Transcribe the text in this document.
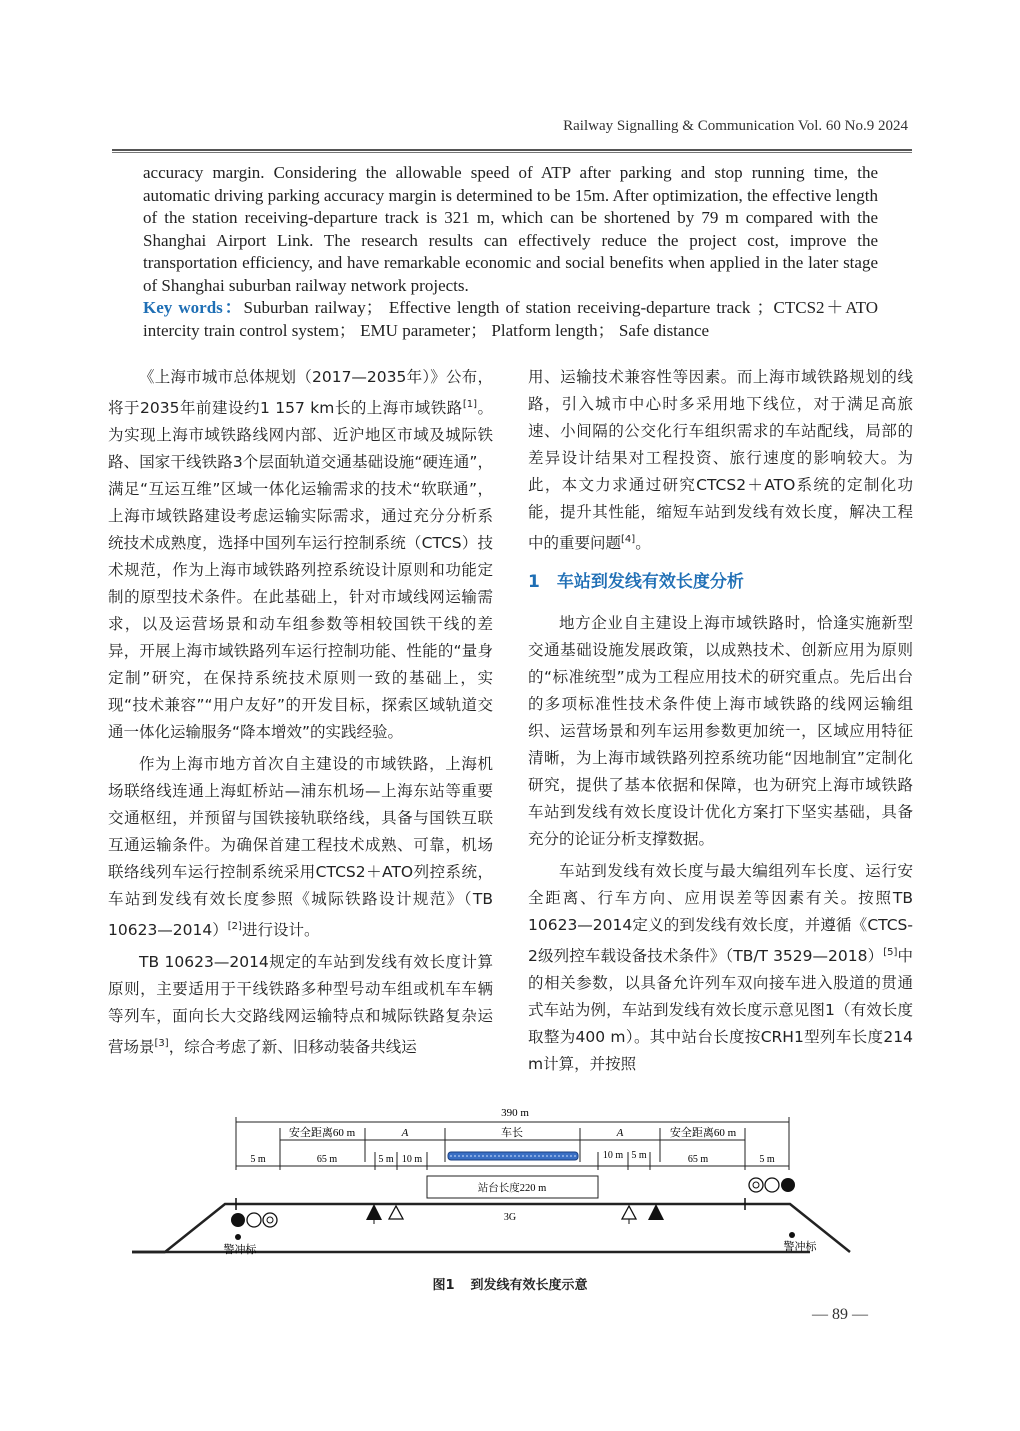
Railway Signalling & Communication Vol. 60 No.9 2024

accuracy margin. Considering the allowable speed of ATP after parking and stop running time, the automatic driving parking accuracy margin is determined to be 15m. After optimization, the effective length of the station receiving-departure track is 321 m, which can be shortened by 79 m compared with the Shanghai Airport Link. The research results can effectively reduce the project cost, improve the transportation efficiency, and have remarkable economic and social benefits when applied in the later stage of Shanghai suburban railway network projects.

Key words：Suburban railway； Effective length of station receiving-departure track ；CTCS2＋ATO intercity train control system； EMU parameter； Platform length； Safe distance

《上海市城市总体规划（2017—2035年）》公布，将于2035年前建设约1 157 km长的上海市域铁路[1]。为实现上海市域铁路线网内部、近沪地区市域及城际铁路、国家干线铁路3个层面轨道交通基础设施“硬连通”，满足“互运互维”区域一体化运输需求的技术“软联通”，上海市域铁路建设考虑运输实际需求，通过充分分析系统技术成熟度，选择中国列车运行控制系统（CTCS）技术规范，作为上海市域铁路列控系统设计原则和功能定制的原型技术条件。在此基础上，针对市域线网运输需求，以及运营场景和动车组参数等相较国铁干线的差异，开展上海市域铁路列车运行控制功能、性能的“量身定制”研究，在保持系统技术原则一致的基础上，实现“技术兼容”“用户友好”的开发目标，探索区域轨道交通一体化运输服务“降本增效”的实践经验。

作为上海市地方首次自主建设的市域铁路，上海机场联络线连通上海虹桥站—浦东机场—上海东站等重要交通枢纽，并预留与国铁接轨联络线，具备与国铁互联互通运输条件。为确保首建工程技术成熟、可靠，机场联络线列车运行控制系统采用CTCS2＋ATO列控系统，车站到发线有效长度参照《城际铁路设计规范》（TB 10623—2014）[2]进行设计。

TB 10623—2014规定的车站到发线有效长度计算原则，主要适用于干线铁路多种型号动车组或机车车辆等列车，面向长大交路线网运输特点和城际铁路复杂运营场景[3]，综合考虑了新、旧移动装备共线运

用、运输技术兼容性等因素。而上海市域铁路规划的线路，引入城市中心时多采用地下线位，对于满足高旅速、小间隔的公交化行车组织需求的车站配线，局部的差异设计结果对工程投资、旅行速度的影响较大。为此，本文力求通过研究CTCS2＋ATO系统的定制化功能，提升其性能，缩短车站到发线有效长度，解决工程中的重要问题[4]。

1　车站到发线有效长度分析

地方企业自主建设上海市域铁路时，恰逢实施新型交通基础设施发展政策，以成熟技术、创新应用为原则的“标准统型”成为工程应用技术的研究重点。先后出台的多项标准性技术条件使上海市域铁路的线网运输组织、运营场景和列车运用参数更加统一，区域应用特征清晰，为上海市域铁路列控系统功能“因地制宜”定制化研究，提供了基本依据和保障，也为研究上海市域铁路车站到发线有效长度设计优化方案打下坚实基础，具备充分的论证分析支撑数据。

车站到发线有效长度与最大编组列车长度、运行安全距离、行车方向、应用误差等因素有关。按照TB 10623—2014定义的到发线有效长度，并遵循《CTCS-2级列控车载设备技术条件》（TB/T 3529—2018）[5]中的相关参数，以具备允许列车双向接车进入股道的贯通式车站为例，车站到发线有效长度示意见图1（有效长度取整为400 m）。其中站台长度按CRH1型列车长度214 m计算，并按照

390 m
安全距离60 m	A	车长	A	安全距离60 m
5 m	65 m	5 m 10 m	10 m 5 m	65 m	5 m
站台长度220 m
3G
警冲标	警冲标
图1 到发线有效长度示意
— 89 —
